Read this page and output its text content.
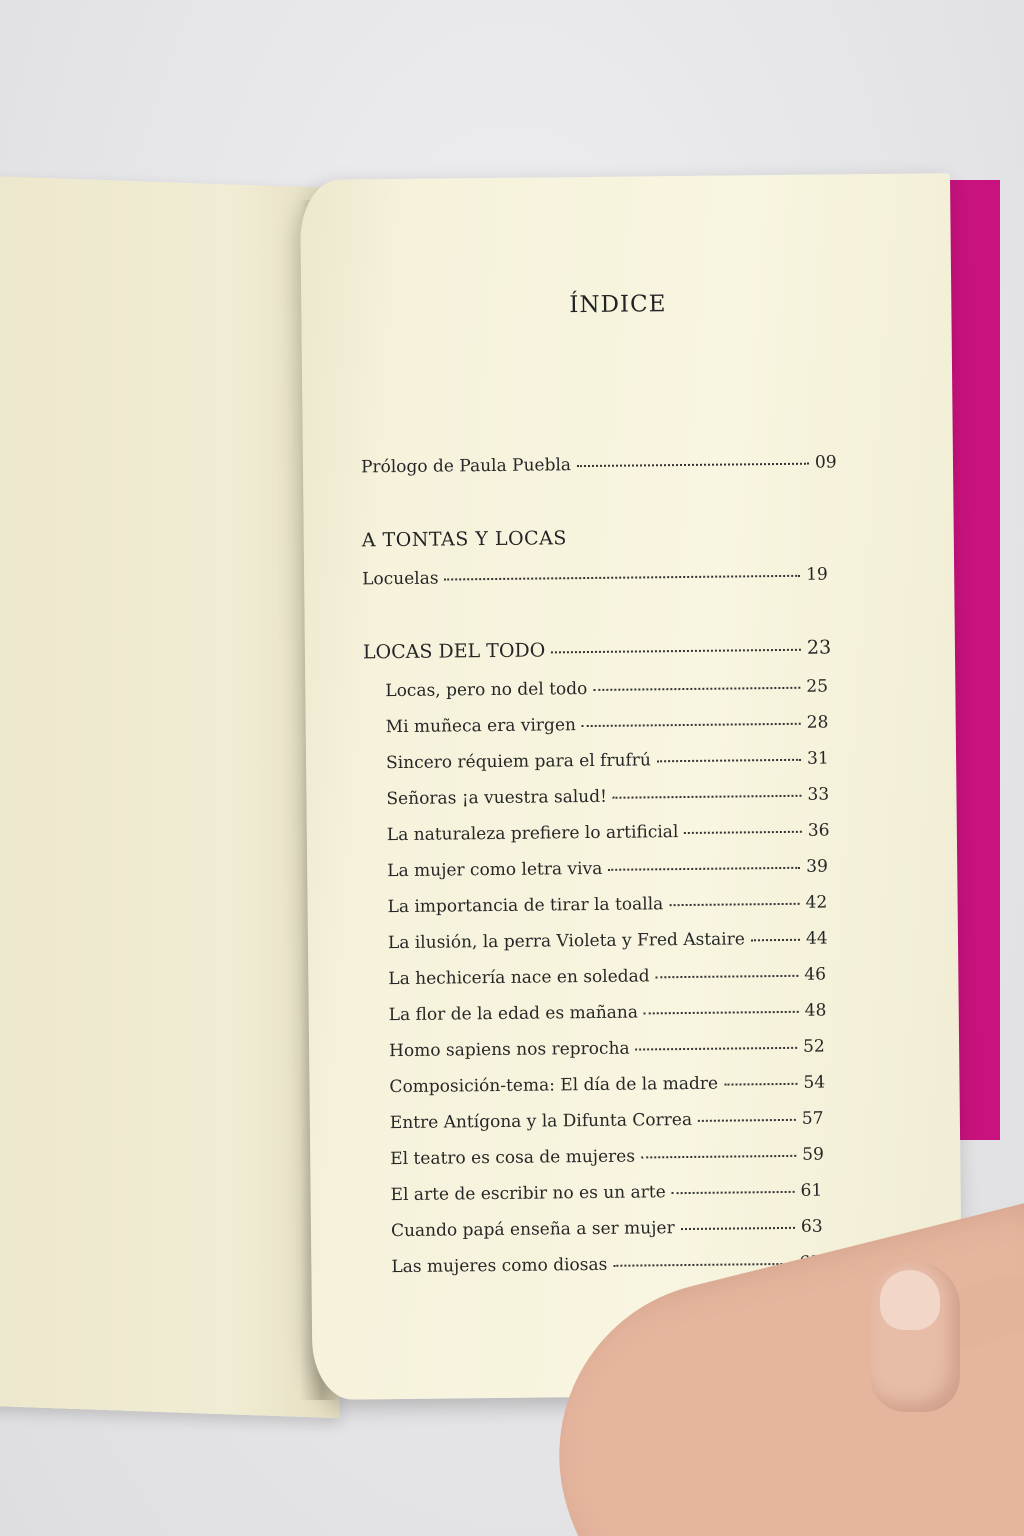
ÍNDICE
Prólogo de Paula Puebla	09
A TONTAS Y LOCAS
Locuelas	19
LOCAS DEL TODO	23
Locas, pero no del todo	25
Mi muñeca era virgen	28
Sincero réquiem para el frufrú	31
Señoras ¡a vuestra salud!	33
La naturaleza prefiere lo artificial	36
La mujer como letra viva	39
La importancia de tirar la toalla	42
La ilusión, la perra Violeta y Fred Astaire	44
La hechicería nace en soledad	46
La flor de la edad es mañana	48
Homo sapiens nos reprocha	52
Composición-tema: El día de la madre	54
Entre Antígona y la Difunta Correa	57
El teatro es cosa de mujeres	59
El arte de escribir no es un arte	61
Cuando papá enseña a ser mujer	63
Las mujeres como diosas
